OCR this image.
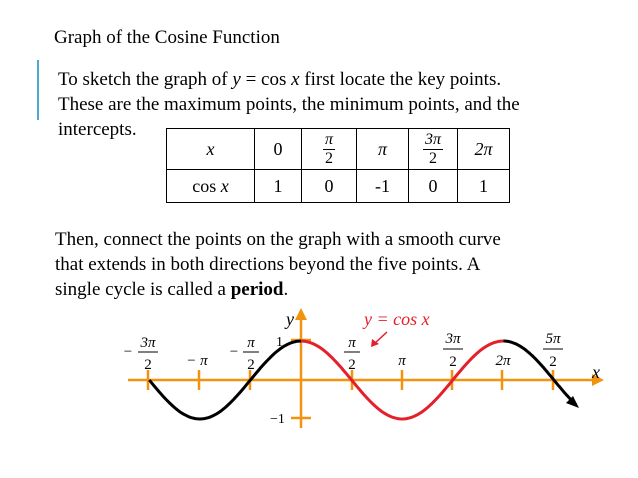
Graph of the Cosine Function
To sketch the graph of y = cos x first locate the key points.
These are the maximum points, the minimum points, and the
intercepts.
x	0	$\frac{\pi}{2}$	π	$\frac{3\pi}{2}$	2π
cos x	1	0	-1	0	1
Then, connect the points on the graph with a smooth curve
that extends in both directions beyond the five points. A
single cycle is called a period.
y = cos x
y
x
1
−1
−
3π
2 − π
−
π
2
π
2	π
3π
2	2π
5π
2
